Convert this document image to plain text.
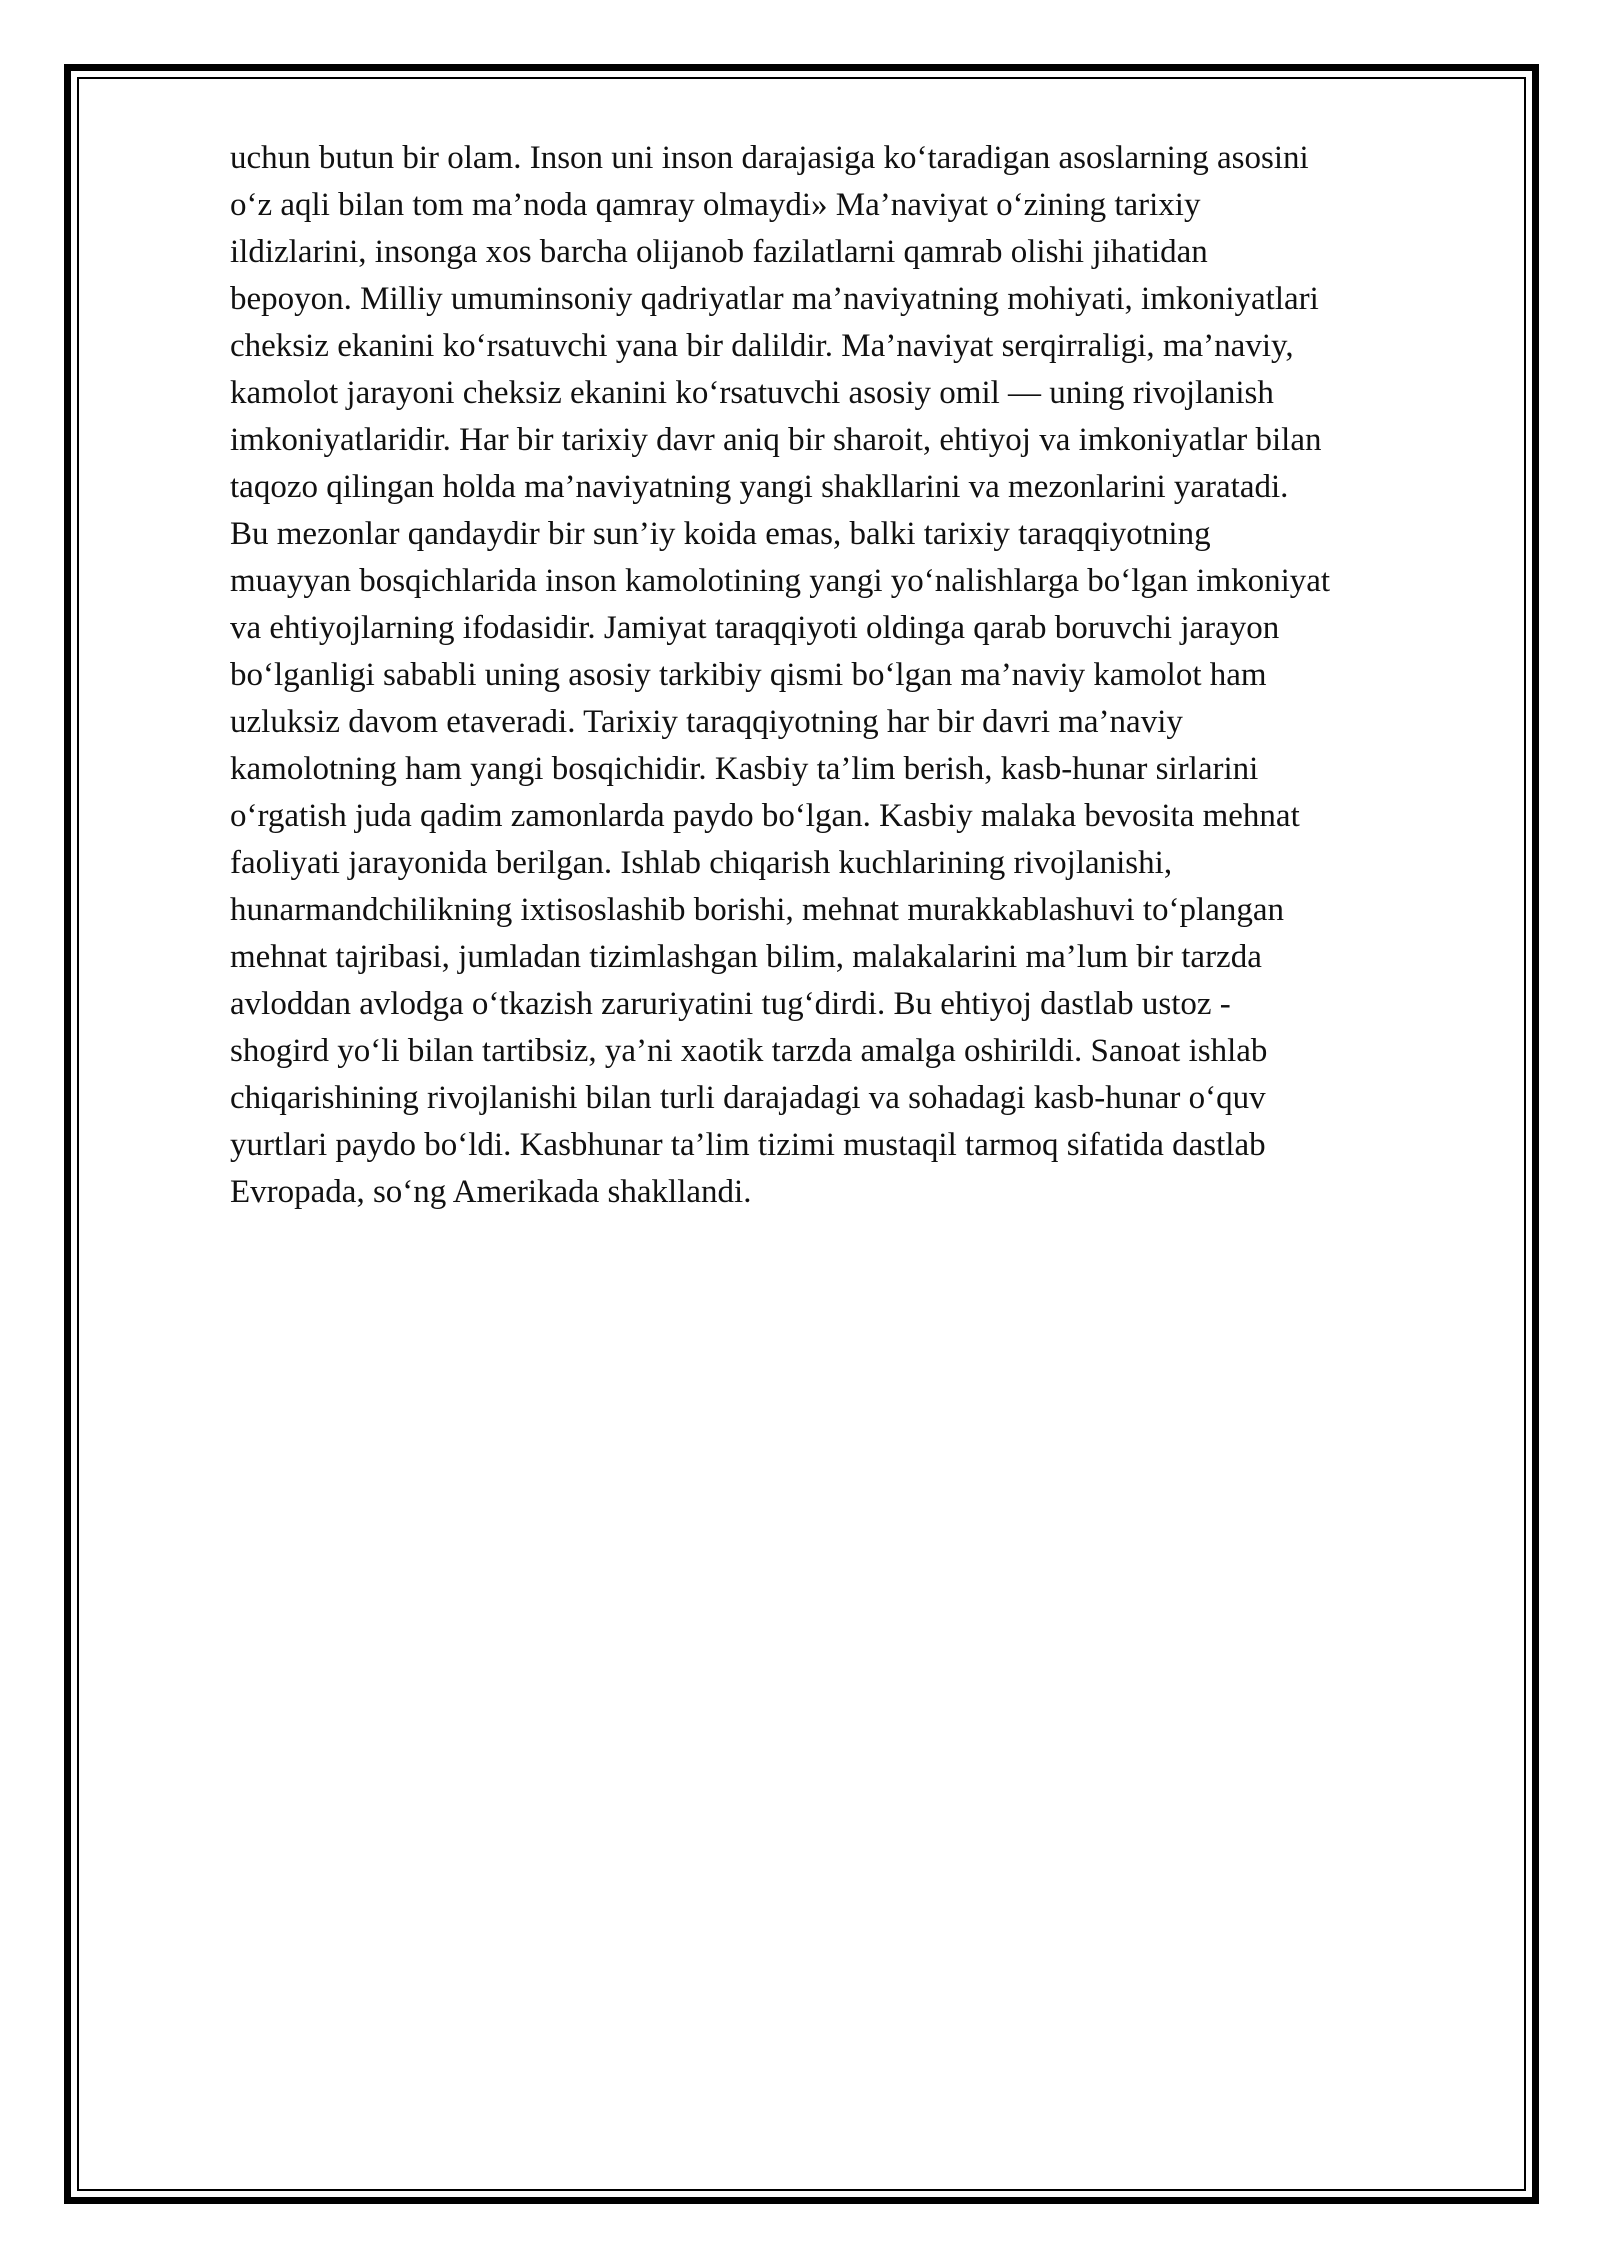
uchun butun bir olam. Inson uni inson darajasiga ko‘taradigan asoslarning asosini
o‘z aqli bilan tom ma’noda qamray olmaydi» Ma’naviyat o‘zining tarixiy
ildizlarini, insonga xos barcha olijanob fazilatlarni qamrab olishi jihatidan
bepoyon. Milliy umuminsoniy qadriyatlar ma’naviyatning mohiyati, imkoniyatlari
cheksiz ekanini ko‘rsatuvchi yana bir dalildir. Ma’naviyat serqirraligi, ma’naviy,
kamolot jarayoni cheksiz ekanini ko‘rsatuvchi asosiy omil — uning rivojlanish
imkoniyatlaridir. Har bir tarixiy davr aniq bir sharoit, ehtiyoj va imkoniyatlar bilan
taqozo qilingan holda ma’naviyatning yangi shakllarini va mezonlarini yaratadi.
Bu mezonlar qandaydir bir sun’iy koida emas, balki tarixiy taraqqiyotning
muayyan bosqichlarida inson kamolotining yangi yo‘nalishlarga bo‘lgan imkoniyat
va ehtiyojlarning ifodasidir. Jamiyat taraqqiyoti oldinga qarab boruvchi jarayon
bo‘lganligi sababli uning asosiy tarkibiy qismi bo‘lgan ma’naviy kamolot ham
uzluksiz davom etaveradi. Tarixiy taraqqiyotning har bir davri ma’naviy
kamolotning ham yangi bosqichidir. Kasbiy ta’lim berish, kasb-hunar sirlarini
o‘rgatish juda qadim zamonlarda paydo bo‘lgan. Kasbiy malaka bevosita mehnat
faoliyati jarayonida berilgan. Ishlab chiqarish kuchlarining rivojlanishi,
hunarmandchilikning ixtisoslashib borishi, mehnat murakkablashuvi to‘plangan
mehnat tajribasi, jumladan tizimlashgan bilim, malakalarini ma’lum bir tarzda
avloddan avlodga o‘tkazish zaruriyatini tug‘dirdi. Bu ehtiyoj dastlab ustoz -
shogird yo‘li bilan tartibsiz, ya’ni xaotik tarzda amalga oshirildi. Sanoat ishlab
chiqarishining rivojlanishi bilan turli darajadagi va sohadagi kasb-hunar o‘quv
yurtlari paydo bo‘ldi. Kasbhunar ta’lim tizimi mustaqil tarmoq sifatida dastlab
Evropada, so‘ng Amerikada shakllandi.
